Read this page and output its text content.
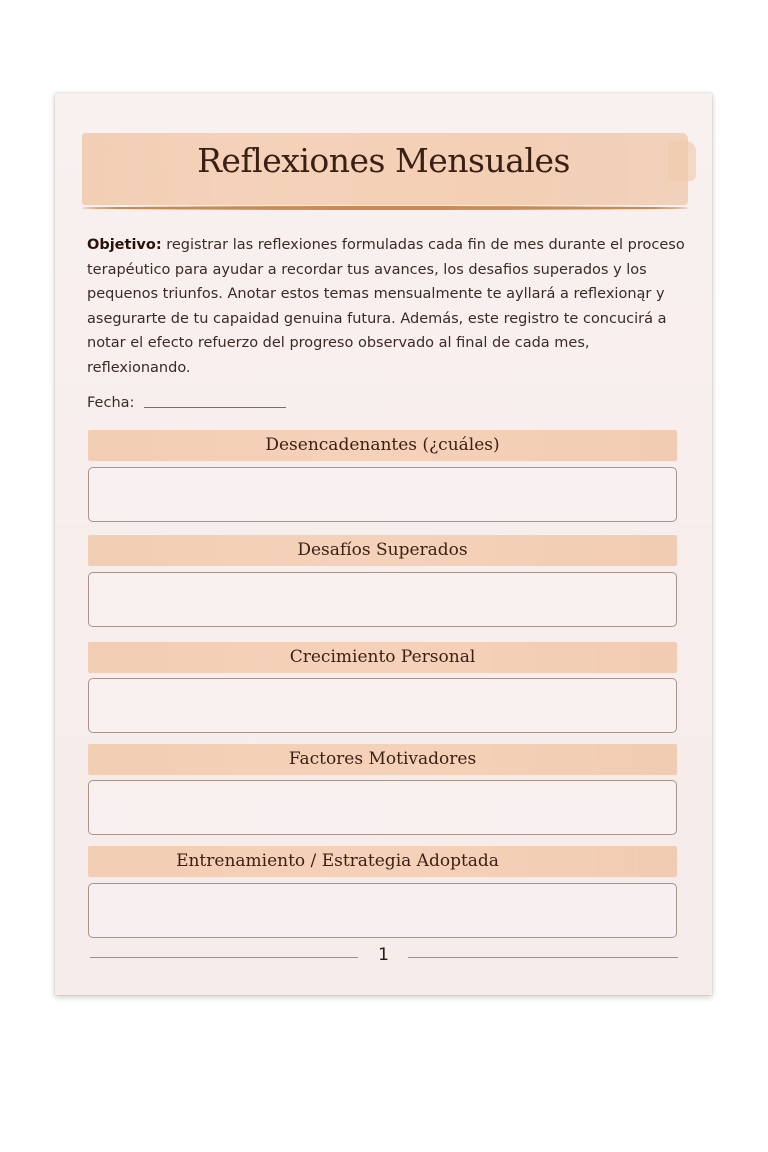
Reflexiones Mensuales

Objetivo: registrar las reflexiones formuladas cada fin de mes durante el proceso terapéutico para ayudar a recordar tus avances, los desafios superados y los pequenos triunfos. Anotar estos temas mensualmente te ayllará a reflexionąr y asegurarte de tu capaidad genuina futura. Además, este registro te concucirá a notar el efecto refuerzo del progreso observado al final de cada mes, reflexionando.

Fecha:
Desencadenantes (¿cuáles)
Desafíos Superados
Crecimiento Personal
Factores Motivadores
Entrenamiento / Estrategia Adoptada
1
